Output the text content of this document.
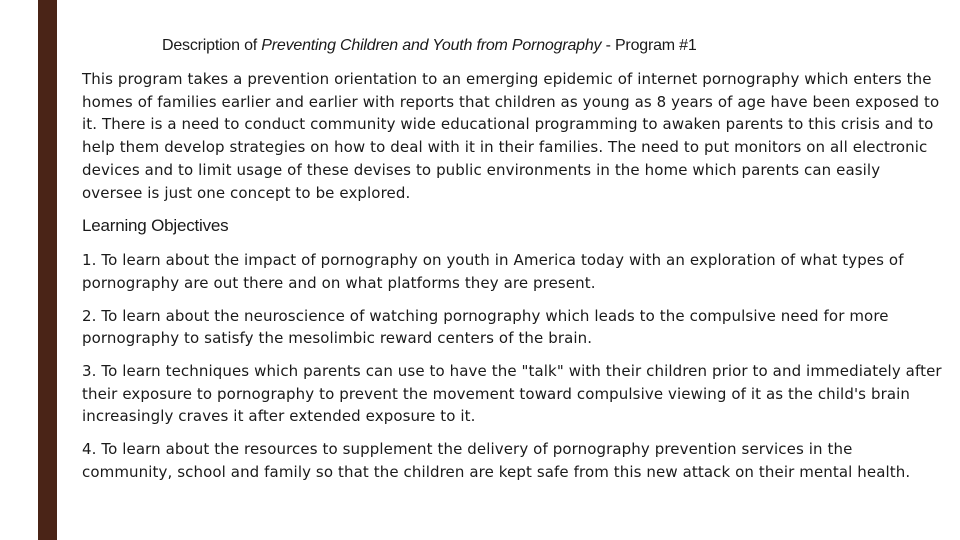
Description of Preventing Children and Youth from Pornography - Program #1

This program takes a prevention orientation to an emerging epidemic of internet pornography which enters the homes of families earlier and earlier with reports that children as young as 8 years of age have been exposed to it. There is a need to conduct community wide educational programming to awaken parents to this crisis and to help them develop strategies on how to deal with it in their families. The need to put monitors on all electronic devices and to limit usage of these devises to public environments in the home which parents can easily oversee is just one concept to be explored.

Learning Objectives

1. To learn about the impact of pornography on youth in America today with an exploration of what types of pornography are out there and on what platforms they are present.

2. To learn about the neuroscience of watching pornography which leads to the compulsive need for more pornography to satisfy the mesolimbic reward centers of the brain.

3. To learn techniques which parents can use to have the "talk" with their children prior to and immediately after their exposure to pornography to prevent the movement toward compulsive viewing of it as the child's brain increasingly craves it after extended exposure to it.

4. To learn about the resources to supplement the delivery of pornography prevention services in the community, school and family so that the children are kept safe from this new attack on their mental health.
